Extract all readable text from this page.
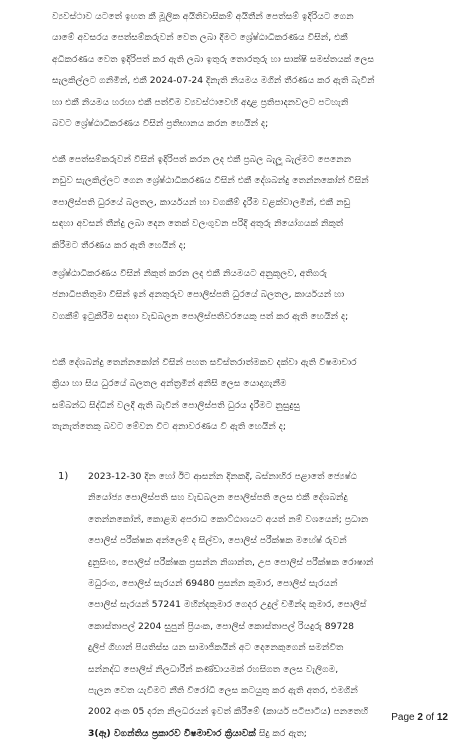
ව්‍යවස්ථාව යටතේ ඉහත කී මූලික අයිතිවාසිකම් අයිතීන් පෙත්සම් ඉදිරියට ගෙන
යාමේ අවසරය පෙත්සම්කරුවන් වෙත ලබා දීමට ශ්‍රේෂ්ඨාධිකරණය විසින්, එකී
අධිකරණය වෙත ඉදිරිපත් කර ඇති ලබා ඉතුරු තොරතුරු හා සාක්ෂි සමස්තයක් ලෙස
සැලකිල්ලට ගනිමින්, එකී 2024-07-24 දිනැති නියමය මගින් තීරණය කර ඇති බැවින්
හා එකී නියමය හරහා එකී පත්වීම ව්‍යවස්ථාවෙහි අදාළ ප්‍රතිපාදනවලට පටහැනි
බවට ශ්‍රේෂ්ඨාධිකරණය විසින් ප්‍රතිභානය කරන හෙයින් ද;
එකී පෙත්සම්කරුවන් විසින් ඉදිරිපත් කරන ලද එකී ප්‍රබල බැලූ බැල්මට පෙනෙන
නඩුව සැලකිල්ලට ගෙන ශ්‍රේෂ්ඨාධිකරණය විසින් එකී දේශබන්දු තෙන්නකෝන් විසින්
පොලිස්පති ධුරයේ බලතල, කාර්යයන් හා වගකීම් දැරීම වළක්වාලමින්, එකී නඩු
සඳහා අවසන් තීන්දු ලබා දෙන තෙක් වලංගුවන පරිදි අතුරු නියෝගයක් නිකුත්
කිරීමට තීරණය කර ඇති හෙයින් ද;
ශ්‍රේෂ්ඨාධිකරණය විසින් නිකුත් කරන ලද එකී නියමයට අනුකූලව, අතිගරු
ජනාධිපතිතුමා විසින් ඉන් අනතුරුව පොලිස්පති ධුරයේ බලතල, කාර්යයන් හා
වගකීම් ඉටුකිරීම සඳහා වැඩබලන පොලිස්පතිවරයෙකු පත් කර ඇති හෙයින් ද;
එකී දේශබන්දු තෙන්නකෝන් විසින් පහත සවිස්තරාත්මකව දක්වා ඇති විෂමාචාර
ක්‍රියා හා සිය ධුරයේ බලතල අන්ත්‍රමින් අනිසි ලෙස යොදාගැනීම
සම්බන්ධ සිද්ධීන් වලදී ඇති බැවින් පොලිස්පති ධුරය දැරීමට නුසුදුසු
තැනැත්තෙකු බවට මේවන විට අනාවරණය වී ඇති හෙයින් ද;
1) 2023-12-30 දින හෝ ඊට ආසන්න දිනකදී, බස්නාහිර පළාතේ ජ්‍යෙෂ්ඨ
නියෝජ්‍ය පොලිස්පති සහ වැඩබලන පොලිස්පති ලෙස එකී දේශබන්දු
තෙන්නකෝන්, කොළඹ අපරාධ කොට්ඨාශයට අයත් නම් වශයෙන්; ප්‍රධාන
පොලිස් පරීක්ෂක අන්ලෙම් ද සිල්වා, පොලිස් පරීක්ෂක මහේෂ් රුවන්
දුනුසිංහ, පොලිස් පරීක්ෂක ප්‍රසන්න නිශාන්ත, උප පොලිස් පරීක්ෂක රොෂාන්
මධුරංග, පොලිස් සැරයන් 69480 ප්‍රසන්න කුමාර, පොලිස් සැරයන්
පොලිස් සැරයන් 57241 මහින්දකුමාර ගෙදර උදුල් චමින්ද කුමාර, පොලිස්
කොස්තාපල් 2204 සුපුන් ප්‍රියංක, පොලිස් කොස්තාපල් රියදුරු 89728
දුලිප් ගිහාන් පියතිස්ස යන සාමාජිකයින් අට දෙනෙකුගෙන් සමන්විත
සන්නද්ධ පොලිස් නිලධාරීන් කණ්ඩායමක් රහසිගත ලෙස වැලිගම,
පැලන වෙත යැවීමට නීති විරෝධී ලෙස කටයුතු කර ඇති අතර, එමගින්
2002 අංක 05 දරන නිලධරයන් ඉවත් කිරීමේ (කාර්ය පටිපාටිය) පනතෙහි
3(ඈ) වගන්තිය ප්‍රකාරව විෂමාචාර ක්‍රියාවක් සිදු කර ඇත;
Page 2 of 12
